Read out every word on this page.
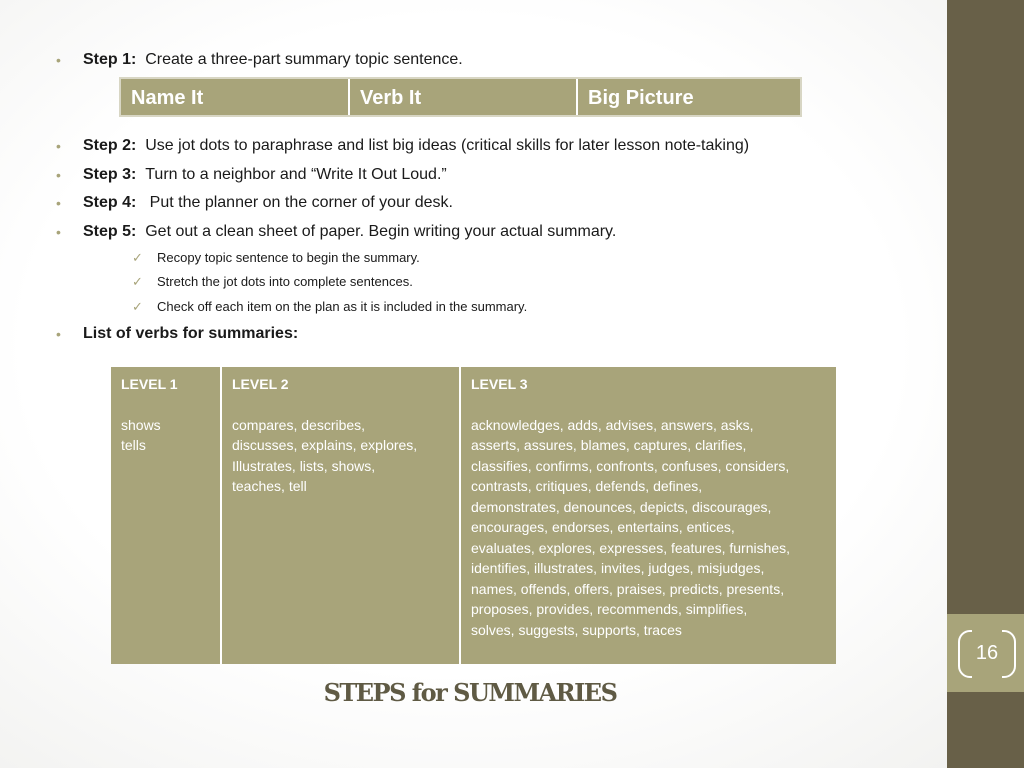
16
• Step 1: Create a three-part summary topic sentence.
• Step 2: Use jot dots to paraphrase and list big ideas (critical skills for later lesson note-taking)
• Step 3: Turn to a neighbor and “Write It Out Loud.”
• Step 4:   Put the planner on the corner of your desk.
• Step 5: Get out a clean sheet of paper. Begin writing your actual summary.
• List of verbs for summaries:
✓ Recopy topic sentence to begin the summary.
✓ Stretch the jot dots into complete sentences.
✓ Check off each item on the plan as it is included in the summary.
Name It	Verb It	Big Picture
LEVEL 1
shows
tells
LEVEL 2
compares, describes,
discusses, explains, explores,
Illustrates, lists, shows,
teaches, tell
LEVEL 3
acknowledges, adds, advises, answers, asks,
asserts, assures, blames, captures, clarifies,
classifies, confirms, confronts, confuses, considers,
contrasts, critiques, defends, defines,
demonstrates, denounces, depicts, discourages,
encourages, endorses, entertains, entices,
evaluates, explores, expresses, features, furnishes,
identifies, illustrates, invites, judges, misjudges,
names, offends, offers, praises, predicts, presents,
proposes, provides, recommends, simplifies,
solves, suggests, supports, traces
STEPS for SUMMARIES
